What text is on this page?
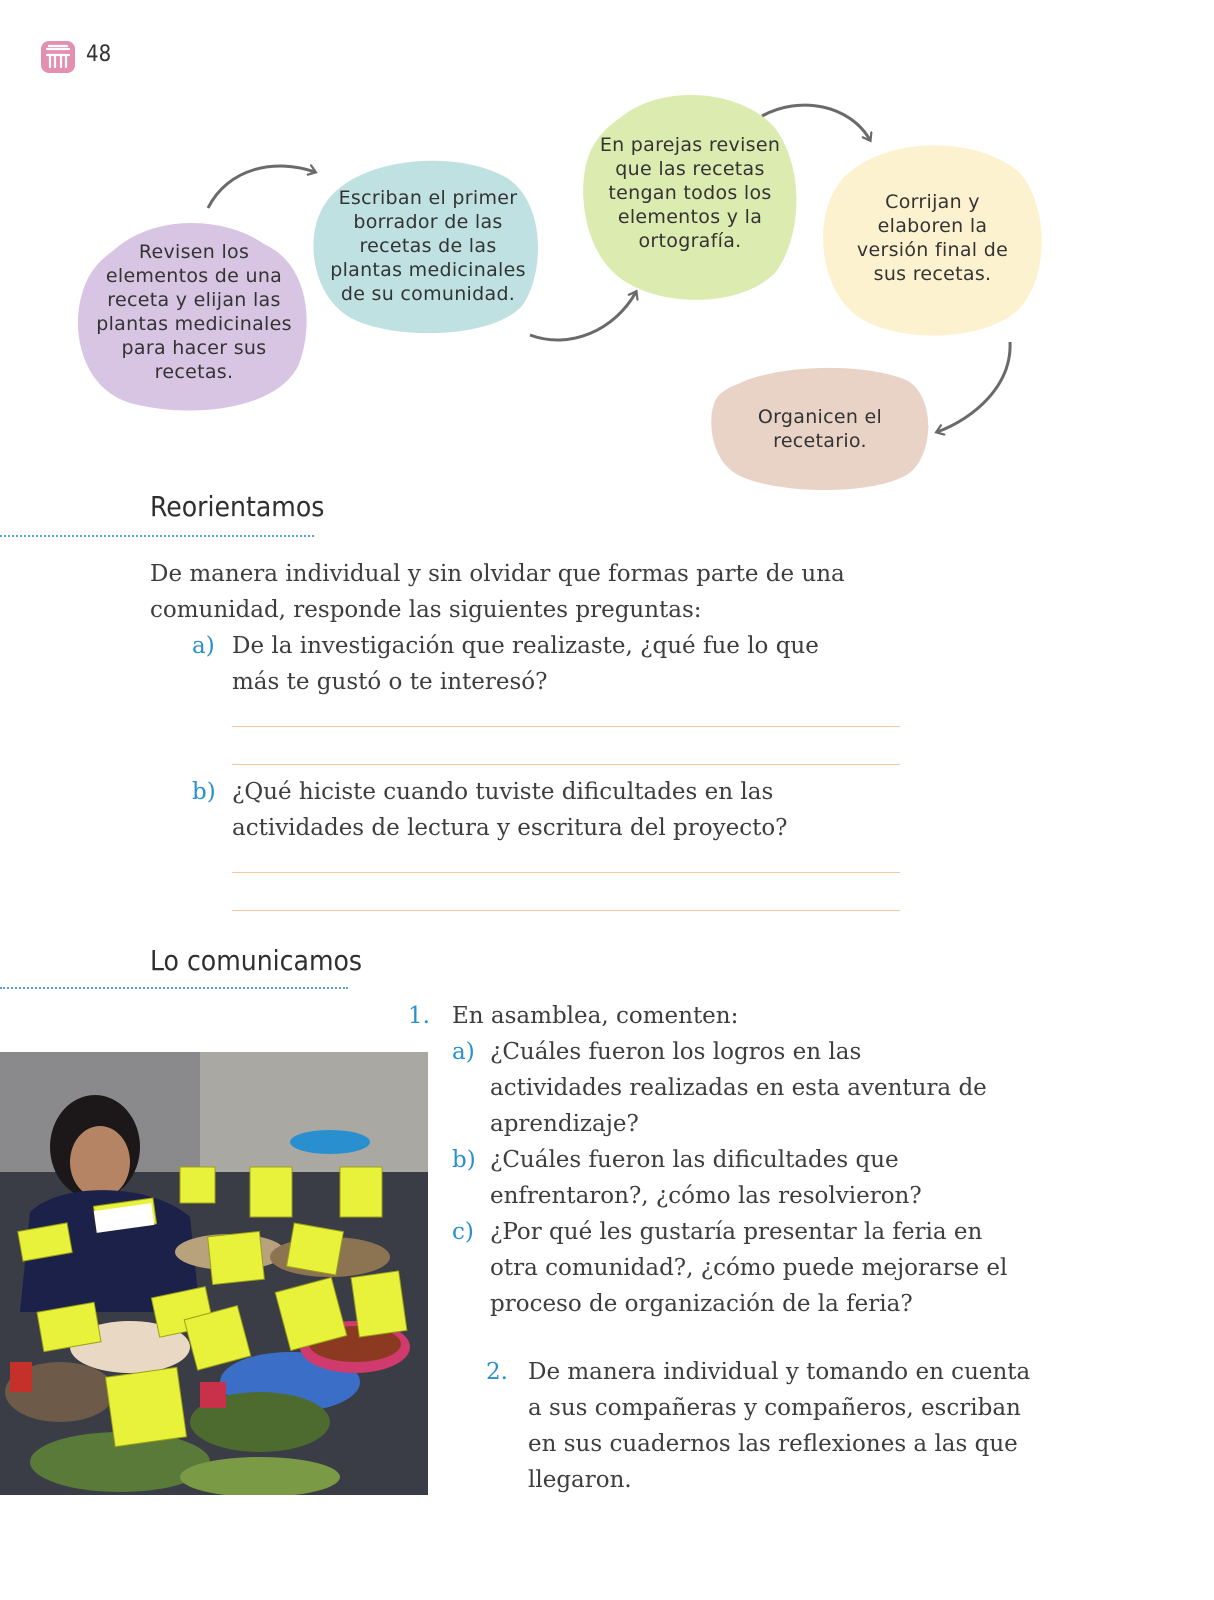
48
Revisen los elementos de una receta y elijan las plantas medicinales para hacer sus recetas.
Escriban el primer borrador de las recetas de las plantas medicinales de su comunidad.
En parejas revisen que las recetas tengan todos los elementos y la ortografía.
Corrijan y elaboren la versión final de sus recetas.
Organicen el recetario.
Reorientamos
De manera individual y sin olvidar que formas parte de una comunidad, responde las siguientes preguntas:
a) De la investigación que realizaste, ¿qué fue lo que más te gustó o te interesó?
b) ¿Qué hiciste cuando tuviste dificultades en las actividades de lectura y escritura del proyecto?
Lo comunicamos
1. En asamblea, comenten:
a) ¿Cuáles fueron los logros en las actividades realizadas en esta aventura de aprendizaje?
b) ¿Cuáles fueron las dificultades que enfrentaron?, ¿cómo las resolvieron?
c) ¿Por qué les gustaría presentar la feria en otra comunidad?, ¿cómo puede mejorarse el proceso de organización de la feria?
2. De manera individual y tomando en cuenta a sus compañeras y compañeros, escriban en sus cuadernos las reflexiones a las que llegaron.
